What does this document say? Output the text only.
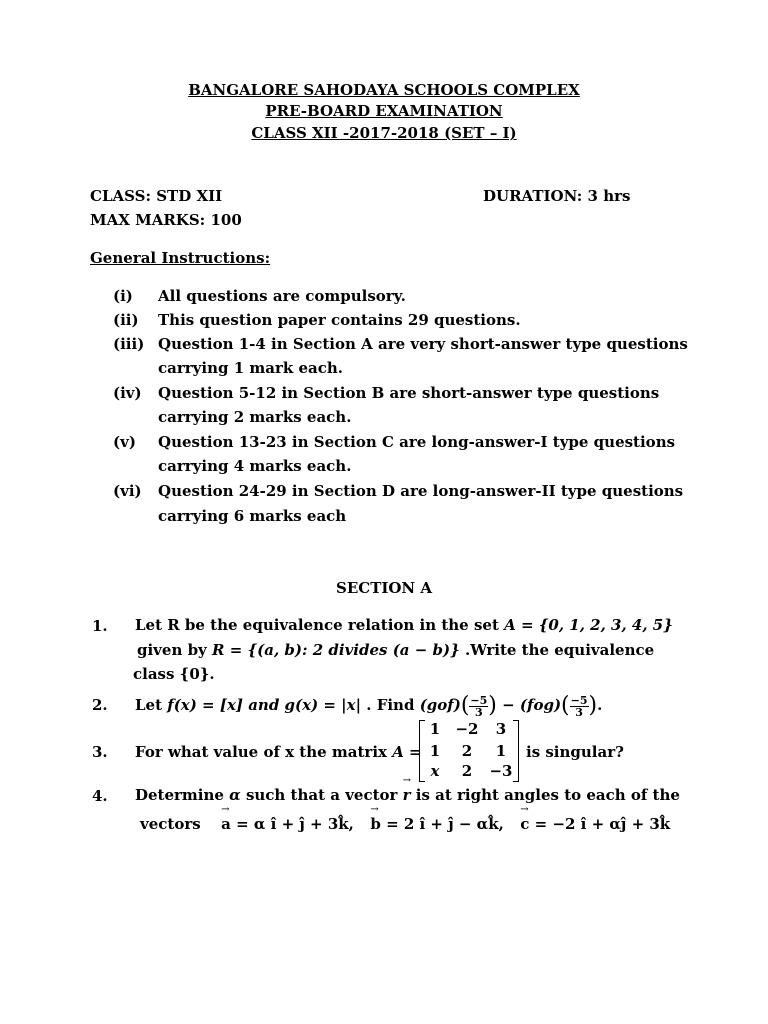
BANGALORE SAHODAYA SCHOOLS COMPLEX
PRE-BOARD EXAMINATION
CLASS XII -2017-2018 (SET – I)
CLASS: STD XII	DURATION: 3 hrs
MAX MARKS: 100
General Instructions:
(i) All questions are compulsory.
(ii) This question paper contains 29 questions.
(iii) Question 1-4 in Section A are very short-answer type questions
carrying 1 mark each.
(iv) Question 5-12 in Section B are short-answer type questions
carrying 2 marks each.
(v) Question 13-23 in Section C are long-answer-I type questions
carrying 4 marks each.
(vi) Question 24-29 in Section D are long-answer-II type questions
carrying 6 marks each
SECTION A
1. Let R be the equivalence relation in the set A = {0, 1, 2, 3, 4, 5}
given by R = {(a, b): 2 divides (a − b)} .Write the equivalence
class {0}.
2. Let f(x) = [x] and g(x) = |x| . Find $(gof)( \frac{-5}{3}$ ) − $(fog)( \frac{-5}{3}$ ).
3. For what value of x the matrix A =
1	−2	3
1	2	1
x	2	−3
is singular?
4. Determine α such that a vector → r is at right angles to each of the
vectors → a = α î + ĵ + 3k̂, → b = 2 î + ĵ − αk̂, → c = −2 î + αĵ + 3k̂
